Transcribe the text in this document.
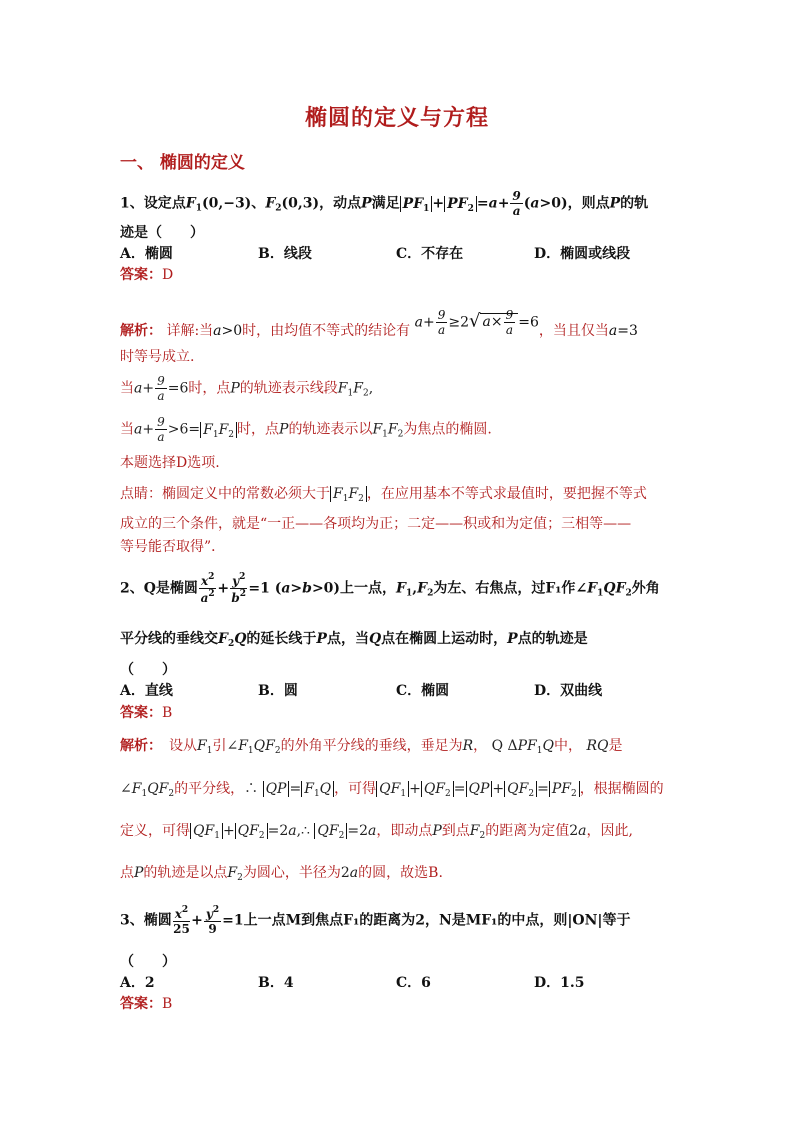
椭圆的定义与方程
一、 椭圆的定义
1、设定点$F_1(0,-3)$、$F_2(0,3)$，动点P满足 $PF_1 + PF_2 =a+ \frac{9}{a} (a>0)$，则点P的轨
迹是（　　）
A．椭圆	B．线段	C．不存在	D．椭圆或线段
答案：D
解析： 详解:当a>0时，由均值不等式的结论有 $a+ \frac{9}{a} \ge 2√$ $a\times \frac{9}{a} =6$，当且仅当a=3
时等号成立.
当$a+ \frac{9}{a} =6$时，点P的轨迹表示线段$F_1F_2$,
当$a+ \frac{9}{a} >6= F_1F_2$ 时，点P的轨迹表示以$F_1F_2$为焦点的椭圆.
本题选择D选项.
点睛：椭圆定义中的常数必须大于 $F_1F_2$ ，在应用基本不等式求最值时，要把握不等式
成立的三个条件，就是“一正——各项均为正；二定——积或和为定值；三相等——
等号能否取得”．
2、Q是椭圆 $\frac{x^2}{a^2} + \frac{y^2}{b^2} =1$ (a>b>0)上一点，$F_1,F_2$为左、右焦点，过F₁作$\angle F_1QF_2$外角
平分线的垂线交$F_2Q$的延长线于P点，当Q点在椭圆上运动时，P点的轨迹是
（　　）
A．直线	B．圆	C．椭圆	D．双曲线
答案：B
解析：　 设从$F_1$引$\angle F_1QF_2$的外角平分线的垂线，垂足为R， Q $\Delta PF_1Q$中， RQ是
$\angle F_1QF_2$的平分线，∴ QP = $F_1Q$ ，可得 $QF_1 + QF_2$ = QP + $QF_2 = PF_2$ ，根据椭圆的
定义，可得 $QF_1 + QF_2$ =2a,∴ $QF_2 =2a$，即动点P到点$F_2$的距离为定值2a，因此,
点P的轨迹是以点$F_2$为圆心，半径为2a的圆，故选B.
3、椭圆 $\frac{x^2}{25} + \frac{y^2}{9} =1$上一点M到焦点F₁的距离为2，N是MF₁的中点，则|ON|等于
（　　）
A．2	B．4	C．6	D．1.5
答案：B
